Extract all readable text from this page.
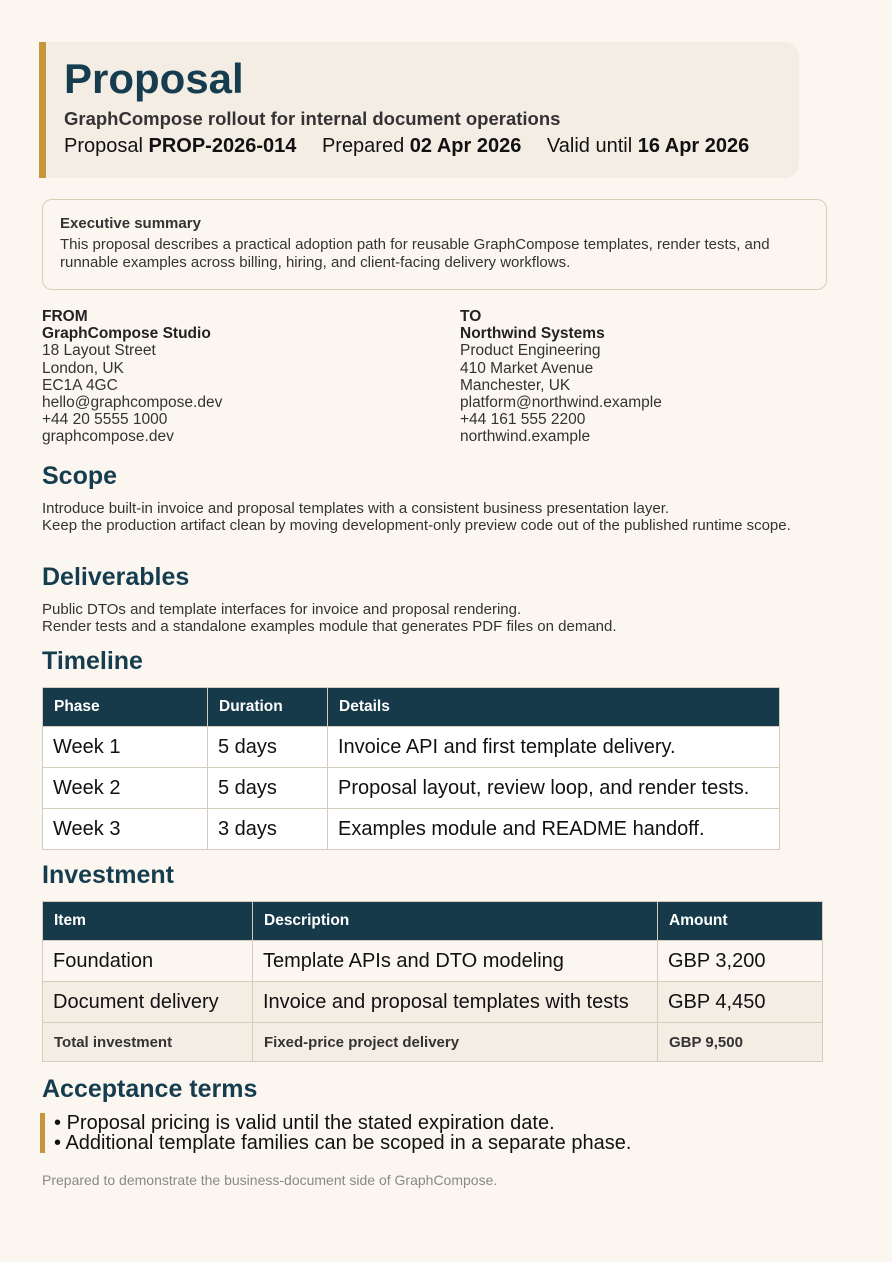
Proposal
GraphCompose rollout for internal document operations
Proposal PROP-2026-014 Prepared 02 Apr 2026 Valid until 16 Apr 2026
Executive summary
This proposal describes a practical adoption path for reusable GraphCompose templates, render tests, and runnable examples across billing, hiring, and client-facing delivery workflows.
FROM
GraphCompose Studio
18 Layout Street
London, UK
EC1A 4GC
hello@graphcompose.dev
+44 20 5555 1000
graphcompose.dev
TO
Northwind Systems
Product Engineering
410 Market Avenue
Manchester, UK
platform@northwind.example
+44 161 555 2200
northwind.example
Scope
Introduce built-in invoice and proposal templates with a consistent business presentation layer.
Keep the production artifact clean by moving development-only preview code out of the published runtime scope.
Deliverables
Public DTOs and template interfaces for invoice and proposal rendering.
Render tests and a standalone examples module that generates PDF files on demand.
Timeline
Phase	Duration	Details
Week 1	5 days	Invoice API and first template delivery.
Week 2	5 days	Proposal layout, review loop, and render tests.
Week 3	3 days	Examples module and README handoff.
Investment
Item	Description	Amount
Foundation	Template APIs and DTO modeling	GBP 3,200
Document delivery	Invoice and proposal templates with tests	GBP 4,450
Total investment	Fixed-price project delivery	GBP 9,500
Acceptance terms
• Proposal pricing is valid until the stated expiration date.
• Additional template families can be scoped in a separate phase.
Prepared to demonstrate the business-document side of GraphCompose.
